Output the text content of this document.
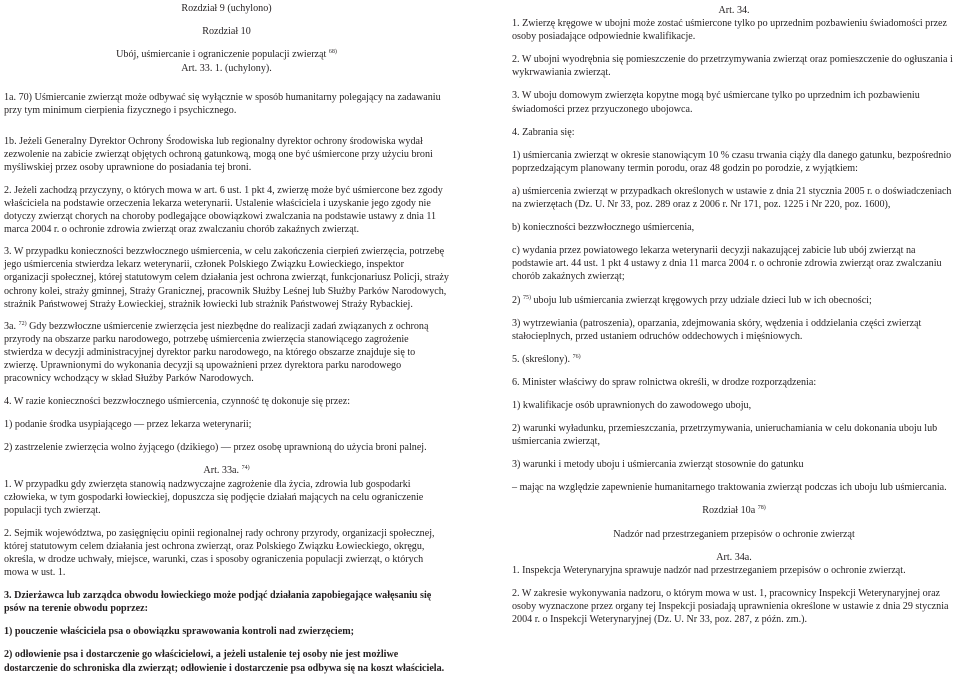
Rozdział 9 (uchylono)

Rozdział 10

Ubój, uśmiercanie i ograniczenie populacji zwierząt $^{68)}$

Art. 33. 1. (uchylony).

1a. 70) Uśmiercanie zwierząt może odbywać się wyłącznie w sposób humanitarny polegający na zadawaniu przy tym minimum cierpienia fizycznego i psychicznego.

1b. Jeżeli Generalny Dyrektor Ochrony Środowiska lub regionalny dyrektor ochrony środowiska wydał zezwolenie na zabicie zwierząt objętych ochroną gatunkową, mogą one być uśmiercone przy użyciu broni myśliwskiej przez osoby uprawnione do posiadania tej broni.

2. Jeżeli zachodzą przyczyny, o których mowa w art. 6 ust. 1 pkt 4, zwierzę może być uśmiercone bez zgody właściciela na podstawie orzeczenia lekarza weterynarii. Ustalenie właściciela i uzyskanie jego zgody nie dotyczy zwierząt chorych na choroby podlegające obowiązkowi zwalczania na podstawie ustawy z dnia 11 marca 2004 r. o ochronie zdrowia zwierząt oraz zwalczaniu chorób zakaźnych zwierząt.

3. W przypadku konieczności bezzwłocznego uśmiercenia, w celu zakończenia cierpień zwierzęcia, potrzebę jego uśmiercenia stwierdza lekarz weterynarii, członek Polskiego Związku Łowieckiego, inspektor organizacji społecznej, której statutowym celem działania jest ochrona zwierząt, funkcjonariusz Policji, straży ochrony kolei, straży gminnej, Straży Granicznej, pracownik Służby Leśnej lub Służby Parków Narodowych, strażnik Państwowej Straży Łowieckiej, strażnik łowiecki lub strażnik Państwowej Straży Rybackiej.

3a. $^{72)}$ Gdy bezzwłoczne uśmiercenie zwierzęcia jest niezbędne do realizacji zadań związanych z ochroną przyrody na obszarze parku narodowego, potrzebę uśmiercenia zwierzęcia stanowiącego zagrożenie stwierdza w decyzji administracyjnej dyrektor parku narodowego, na którego obszarze znajduje się to zwierzę. Uprawnionymi do wykonania decyzji są upoważnieni przez dyrektora parku narodowego pracownicy wchodzący w skład Służby Parków Narodowych.

4. W razie konieczności bezzwłocznego uśmiercenia, czynność tę dokonuje się przez:

1) podanie środka usypiającego — przez lekarza weterynarii;

2) zastrzelenie zwierzęcia wolno żyjącego (dzikiego) — przez osobę uprawnioną do użycia broni palnej.

Art. 33a. $^{74)}$

1. W przypadku gdy zwierzęta stanowią nadzwyczajne zagrożenie dla życia, zdrowia lub gospodarki człowieka, w tym gospodarki łowieckiej, dopuszcza się podjęcie działań mających na celu ograniczenie populacji tych zwierząt.

2. Sejmik województwa, po zasięgnięciu opinii regionalnej rady ochrony przyrody, organizacji społecznej, której statutowym celem działania jest ochrona zwierząt, oraz Polskiego Związku Łowieckiego, okręgu, określa, w drodze uchwały, miejsce, warunki, czas i sposoby ograniczenia populacji zwierząt, o których mowa w ust. 1.

3. Dzierżawca lub zarządca obwodu łowieckiego może podjąć działania zapobiegające wałęsaniu się psów na terenie obwodu poprzez:

1) pouczenie właściciela psa o obowiązku sprawowania kontroli nad zwierzęciem;

2) odłowienie psa i dostarczenie go właścicielowi, a jeżeli ustalenie tej osoby nie jest możliwe dostarczenie do schroniska dla zwierząt; odłowienie i dostarczenie psa odbywa się na koszt właściciela.

Art. 34.

1. Zwierzę kręgowe w ubojni może zostać uśmiercone tylko po uprzednim pozbawieniu świadomości przez osoby posiadające odpowiednie kwalifikacje.

2. W ubojni wyodrębnia się pomieszczenie do przetrzymywania zwierząt oraz pomieszczenie do ogłuszania i wykrwawiania zwierząt.

3. W uboju domowym zwierzęta kopytne mogą być uśmiercane tylko po uprzednim ich pozbawieniu świadomości przez przyuczonego ubojowca.

4. Zabrania się:

1) uśmiercania zwierząt w okresie stanowiącym 10 % czasu trwania ciąży dla danego gatunku, bezpośrednio poprzedzającym planowany termin porodu, oraz 48 godzin po porodzie, z wyjątkiem:

a) uśmiercenia zwierząt w przypadkach określonych w ustawie z dnia 21 stycznia 2005 r. o doświadczeniach na zwierzętach (Dz. U. Nr 33, poz. 289 oraz z 2006 r. Nr 171, poz. 1225 i Nr 220, poz. 1600),

b) konieczności bezzwłocznego uśmiercenia,

c) wydania przez powiatowego lekarza weterynarii decyzji nakazującej zabicie lub ubój zwierząt na podstawie art. 44 ust. 1 pkt 4 ustawy z dnia 11 marca 2004 r. o ochronie zdrowia zwierząt oraz zwalczaniu chorób zakaźnych zwierząt;

2) $^{75)}$ uboju lub uśmiercania zwierząt kręgowych przy udziale dzieci lub w ich obecności;

3) wytrzewiania (patroszenia), oparzania, zdejmowania skóry, wędzenia i oddzielania części zwierząt stałocieplnych, przed ustaniem odruchów oddechowych i mięśniowych.

5. (skreślony). $^{76)}$

6. Minister właściwy do spraw rolnictwa określi, w drodze rozporządzenia:

1) kwalifikacje osób uprawnionych do zawodowego uboju,

2) warunki wyładunku, przemieszczania, przetrzymywania, unieruchamiania w celu dokonania uboju lub uśmiercania zwierząt,

3) warunki i metody uboju i uśmiercania zwierząt stosownie do gatunku

– mając na względzie zapewnienie humanitarnego traktowania zwierząt podczas ich uboju lub uśmiercania.

Rozdział 10a $^{78)}$

Nadzór nad przestrzeganiem przepisów o ochronie zwierząt

Art. 34a.

1. Inspekcja Weterynaryjna sprawuje nadzór nad przestrzeganiem przepisów o ochronie zwierząt.

2. W zakresie wykonywania nadzoru, o którym mowa w ust. 1, pracownicy Inspekcji Weterynaryjnej oraz osoby wyznaczone przez organy tej Inspekcji posiadają uprawnienia określone w ustawie z dnia 29 stycznia 2004 r. o Inspekcji Weterynaryjnej (Dz. U. Nr 33, poz. 287, z późn. zm.).
